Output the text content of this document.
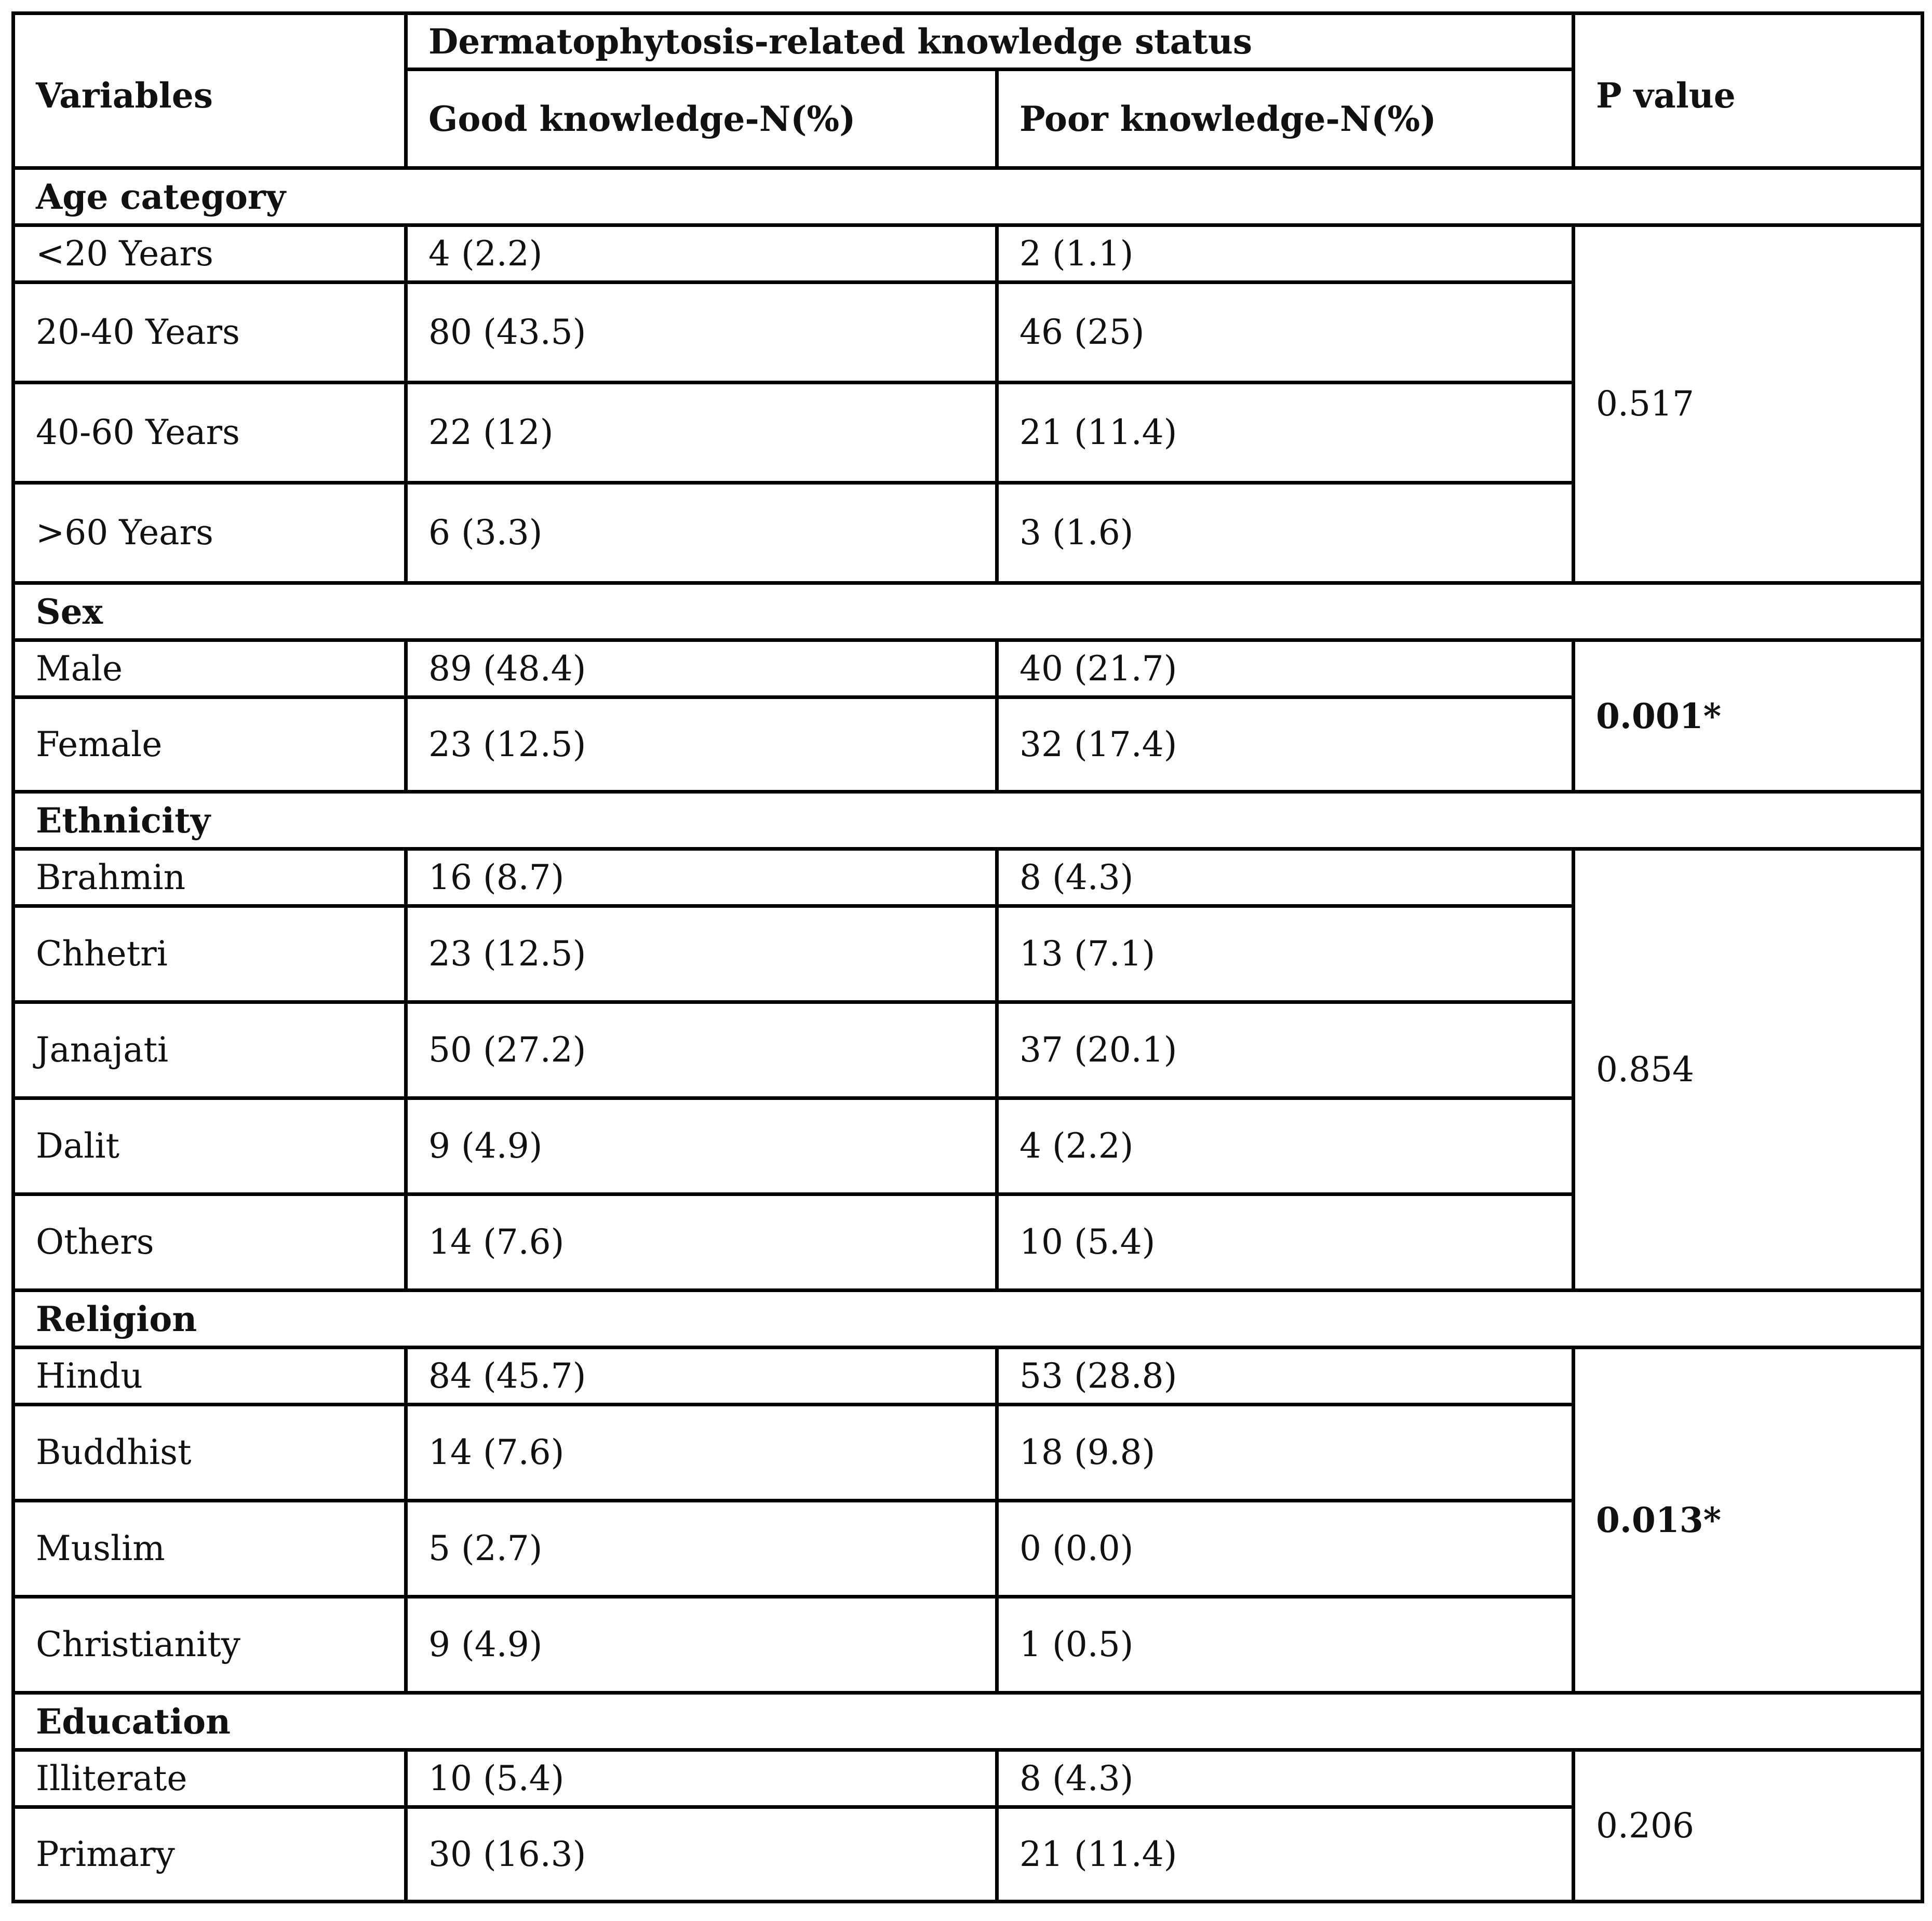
Variables	Dermatophytosis-related knowledge status		P value
	Good knowledge-N(%)	Poor knowledge-N(%)	
Age category			
<20 Years	4 (2.2)	2 (1.1)	0.517
20-40 Years	80 (43.5)	46 (25)	
40-60 Years	22 (12)	21 (11.4)	
>60 Years	6 (3.3)	3 (1.6)	
Sex			
Male	89 (48.4)	40 (21.7)	0.001*
Female	23 (12.5)	32 (17.4)	
Ethnicity			
Brahmin	16 (8.7)	8 (4.3)	0.854
Chhetri	23 (12.5)	13 (7.1)	
Janajati	50 (27.2)	37 (20.1)	
Dalit	9 (4.9)	4 (2.2)	
Others	14 (7.6)	10 (5.4)	
Religion			
Hindu	84 (45.7)	53 (28.8)	0.013*
Buddhist	14 (7.6)	18 (9.8)	
Muslim	5 (2.7)	0 (0.0)	
Christianity	9 (4.9)	1 (0.5)	
Education			
Illiterate	10 (5.4)	8 (4.3)	0.206
Primary	30 (16.3)	21 (11.4)	
